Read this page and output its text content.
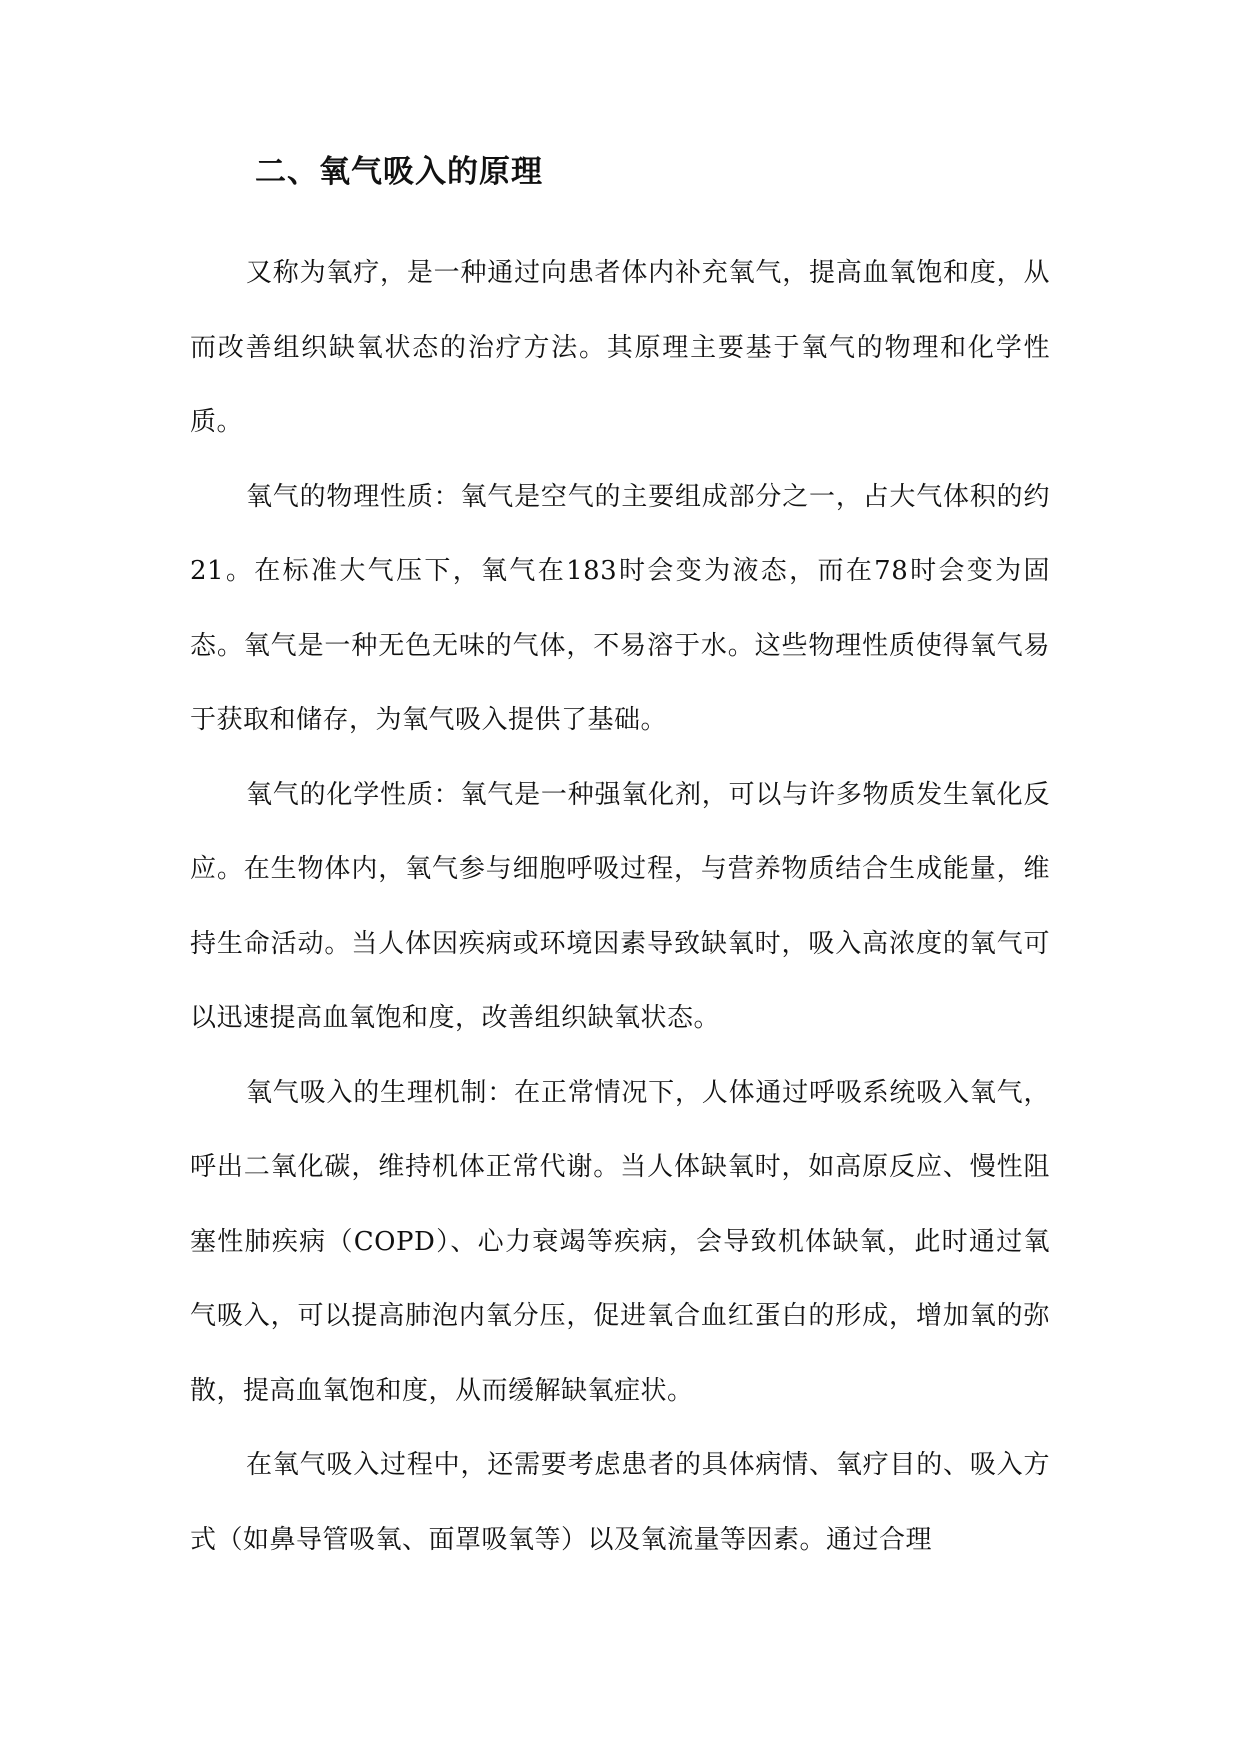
二、氧气吸入的原理

又称为氧疗，是一种通过向患者体内补充氧气，提高血氧饱和度，从而改善组织缺氧状态的治疗方法。其原理主要基于氧气的物理和化学性质。

氧气的物理性质：氧气是空气的主要组成部分之一，占大气体积的约21。在标准大气压下，氧气在183时会变为液态，而在78时会变为固态。氧气是一种无色无味的气体，不易溶于水。这些物理性质使得氧气易于获取和储存，为氧气吸入提供了基础。

氧气的化学性质：氧气是一种强氧化剂，可以与许多物质发生氧化反应。在生物体内，氧气参与细胞呼吸过程，与营养物质结合生成能量，维持生命活动。当人体因疾病或环境因素导致缺氧时，吸入高浓度的氧气可以迅速提高血氧饱和度，改善组织缺氧状态。

氧气吸入的生理机制：在正常情况下，人体通过呼吸系统吸入氧气，呼出二氧化碳，维持机体正常代谢。当人体缺氧时，如高原反应、慢性阻塞性肺疾病（COPD）、心力衰竭等疾病，会导致机体缺氧，此时通过氧气吸入，可以提高肺泡内氧分压，促进氧合血红蛋白的形成，增加氧的弥散，提高血氧饱和度，从而缓解缺氧症状。

在氧气吸入过程中，还需要考虑患者的具体病情、氧疗目的、吸入方式（如鼻导管吸氧、面罩吸氧等）以及氧流量等因素。通过合理
